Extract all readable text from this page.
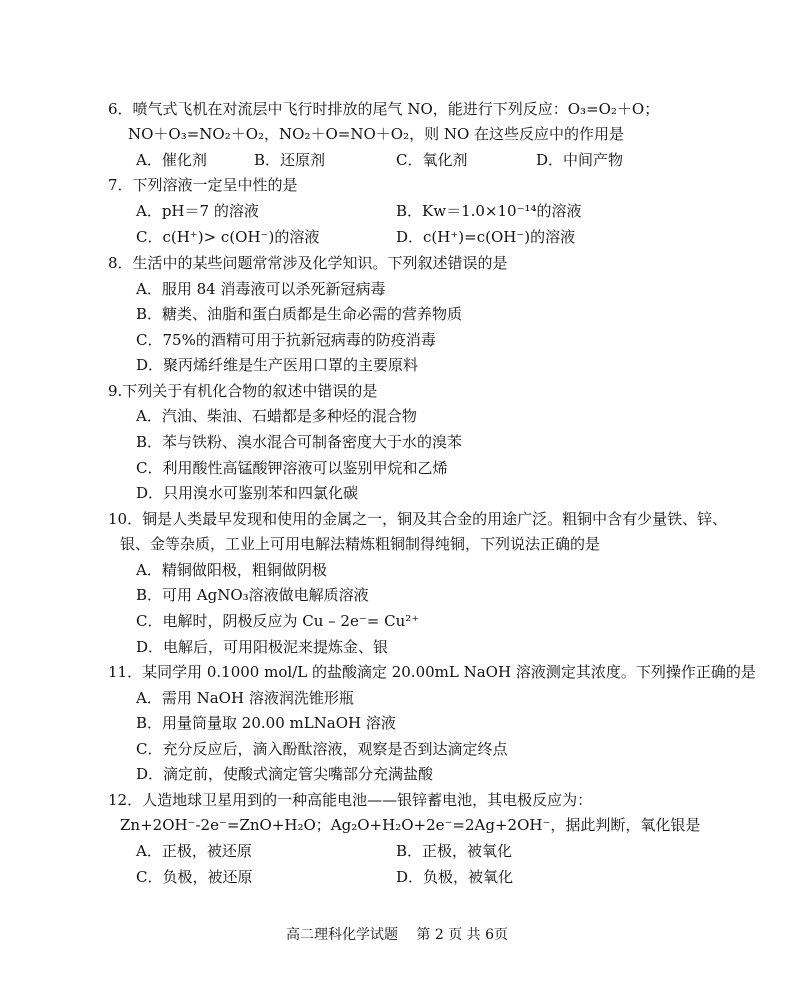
6．喷气式飞机在对流层中飞行时排放的尾气 NO，能进行下列反应：O₃=O₂＋O；
NO＋O₃=NO₂＋O₂，NO₂＋O=NO＋O₂，则 NO 在这些反应中的作用是
A．催化剂	B．还原剂	C．氧化剂	D．中间产物
7．下列溶液一定呈中性的是
A．pH＝7 的溶液	B．Kw＝1.0×10⁻¹⁴的溶液
C．c(H⁺)> c(OH⁻)的溶液	D．c(H⁺)=c(OH⁻)的溶液
8．生活中的某些问题常常涉及化学知识。下列叙述错误的是
A．服用 84 消毒液可以杀死新冠病毒
B．糖类、油脂和蛋白质都是生命必需的营养物质
C．75%的酒精可用于抗新冠病毒的防疫消毒
D．聚丙烯纤维是生产医用口罩的主要原料
9.下列关于有机化合物的叙述中错误的是
A．汽油、柴油、石蜡都是多种烃的混合物
B．苯与铁粉、溴水混合可制备密度大于水的溴苯
C．利用酸性高锰酸钾溶液可以鉴别甲烷和乙烯
D．只用溴水可鉴别苯和四氯化碳
10．铜是人类最早发现和使用的金属之一，铜及其合金的用途广泛。粗铜中含有少量铁、锌、
银、金等杂质，工业上可用电解法精炼粗铜制得纯铜，下列说法正确的是
A．精铜做阳极，粗铜做阴极
B．可用 AgNO₃溶液做电解质溶液
C．电解时，阴极反应为 Cu – 2e⁻= Cu²⁺
D．电解后，可用阳极泥来提炼金、银
11．某同学用 0.1000 mol/L 的盐酸滴定 20.00mL NaOH 溶液测定其浓度。下列操作正确的是
A．需用 NaOH 溶液润洗锥形瓶
B．用量筒量取 20.00 mLNaOH 溶液
C．充分反应后，滴入酚酞溶液，观察是否到达滴定终点
D．滴定前，使酸式滴定管尖嘴部分充满盐酸
12．人造地球卫星用到的一种高能电池——银锌蓄电池，其电极反应为：
Zn+2OH⁻-2e⁻=ZnO+H₂O；Ag₂O+H₂O+2e⁻=2Ag+2OH⁻，据此判断，氧化银是
A．正极，被还原	B．正极，被氧化
C．负极，被还原	D．负极，被氧化
高二理科化学试题　 第 2 页 共 6页
